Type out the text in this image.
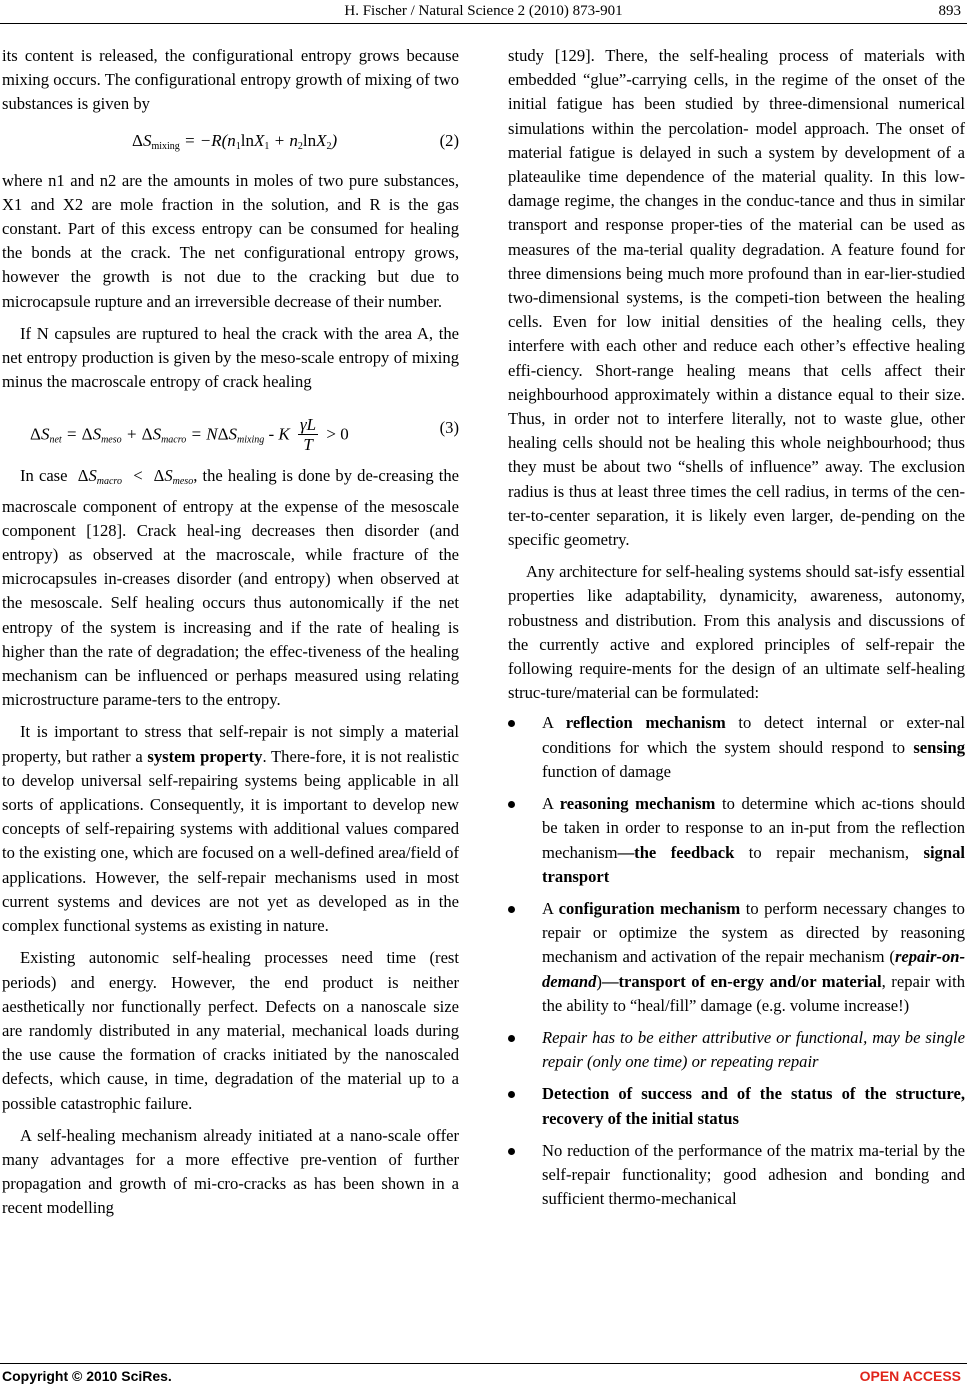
H. Fischer / Natural Science 2 (2010) 873-901	893

its content is released, the configurational entropy grows because mixing occurs. The configurational entropy growth of mixing of two substances is given by

$\Delta S_{mixing} = -R(n_1\ln X_1 + n_2\ln X_2)$	(2)

where n1 and n2 are the amounts in moles of two pure substances, X1 and X2 are mole fraction in the solution, and R is the gas constant. Part of this excess entropy can be consumed for healing the bonds at the crack. The net configurational entropy grows, however the growth is not due to the cracking but due to microcapsule rupture and an irreversible decrease of their number.

If N capsules are ruptured to heal the crack with the area A, the net entropy production is given by the meso-scale entropy of mixing minus the macroscale entropy of crack healing

$\Delta S_{net} = \Delta S_{meso} + \Delta S_{macro} = N\Delta S_{mixing} - K \frac{\gamma L}{T} > 0$	(3)

In case $\Delta S_{macro} < \Delta S_{meso}$, the healing is done by de-creasing the macroscale component of entropy at the expense of the mesoscale component [128]. Crack heal-ing decreases then disorder (and entropy) as observed at the macroscale, while fracture of the microcapsules in-creases disorder (and entropy) when observed at the mesoscale. Self healing occurs thus autonomically if the net entropy of the system is increasing and if the rate of healing is higher than the rate of degradation; the effec-tiveness of the healing mechanism can be influenced or perhaps measured using relating microstructure parame-ters to the entropy.

It is important to stress that self-repair is not simply a material property, but rather a system property. There-fore, it is not realistic to develop universal self-repairing systems being applicable in all sorts of applications. Consequently, it is important to develop new concepts of self-repairing systems with additional values compared to the existing one, which are focused on a well-defined area/field of applications. However, the self-repair mechanisms used in most current systems and devices are not yet as developed as in the complex functional systems as existing in nature.

Existing autonomic self-healing processes need time (rest periods) and energy. However, the end product is neither aesthetically nor functionally perfect. Defects on a nanoscale size are randomly distributed in any material, mechanical loads during the use cause the formation of cracks initiated by the nanoscaled defects, which cause, in time, degradation of the material up to a possible catastrophic failure.

A self-healing mechanism already initiated at a nano-scale offer many advantages for a more effective pre-vention of further propagation and growth of mi-cro-cracks as has been shown in a recent modelling

study [129]. There, the self-healing process of materials with embedded “glue”-carrying cells, in the regime of the onset of the initial fatigue has been studied by three-dimensional numerical simulations within the percolation- model approach. The onset of material fatigue is delayed in such a system by development of a plateaulike time dependence of the material quality. In this low-damage regime, the changes in the conduc-tance and thus in similar transport and response proper-ties of the material can be used as measures of the ma-terial quality degradation. A feature found for three dimensions being much more profound than in ear-lier-studied two-dimensional systems, is the competi-tion between the healing cells. Even for low initial densities of the healing cells, they interfere with each other and reduce each other’s effective healing effi-ciency. Short-range healing means that cells affect their neighbourhood approximately within a distance equal to their size. Thus, in order not to interfere literally, not to waste glue, other healing cells should not be healing this whole neighbourhood; thus they must be about two “shells of influence” away. The exclusion radius is thus at least three times the cell radius, in terms of the cen-ter-to-center separation, it is likely even larger, de-pending on the specific geometry.

Any architecture for self-healing systems should sat-isfy essential properties like adaptability, dynamicity, awareness, autonomy, robustness and distribution. From this analysis and discussions of the currently active and explored principles of self-repair the following require-ments for the design of an ultimate self-healing struc-ture/material can be formulated:

A reflection mechanism to detect internal or exter-nal conditions for which the system should respond to sensing function of damage
A reasoning mechanism to determine which ac-tions should be taken in order to response to an in-put from the reflection mechanism—the feedback to repair mechanism, signal transport
A configuration mechanism to perform necessary changes to repair or optimize the system as directed by reasoning mechanism and activation of the repair mechanism (repair-on-demand)—transport of en-ergy and/or material, repair with the ability to “heal/fill” damage (e.g. volume increase!)
Repair has to be either attributive or functional, may be single repair (only one time) or repeating repair
Detection of success and of the status of the structure, recovery of the initial status
No reduction of the performance of the matrix ma-terial by the self-repair functionality; good adhesion and bonding and sufficient thermo-mechanical
Copyright © 2010 SciRes.	OPEN ACCESS
